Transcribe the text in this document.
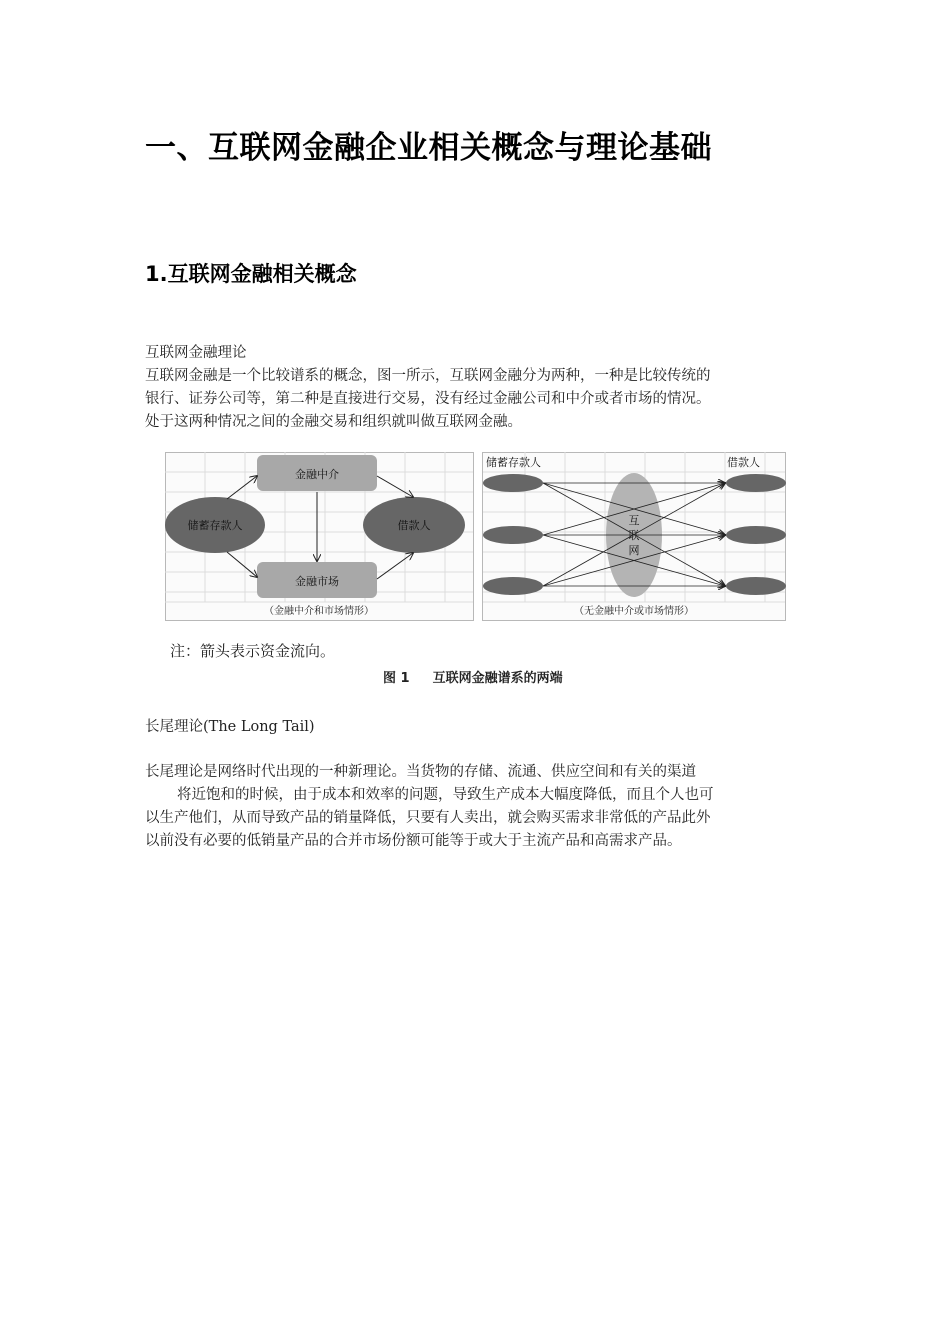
一、互联网金融企业相关概念与理论基础
1.互联网金融相关概念
互联网金融理论
互联网金融是一个比较谱系的概念，图一所示，互联网金融分为两种，一种是比较传统的
银行、证券公司等，第二种是直接进行交易，没有经过金融公司和中介或者市场的情况。
处于这两种情况之间的金融交易和组织就叫做互联网金融。
金融中介
金融市场
储蓄存款人	借款人
（金融中介和市场情形）
储蓄存款人	借款人
互
联
网
（无金融中介或市场情形）
注：箭头表示资金流向。
图 1 互联网金融谱系的两端
长尾理论(The Long Tail)
长尾理论是网络时代出现的一种新理论。当货物的存储、流通、供应空间和有关的渠道
将近饱和的时候，由于成本和效率的问题，导致生产成本大幅度降低，而且个人也可
以生产他们，从而导致产品的销量降低，只要有人卖出，就会购买需求非常低的产品此外
以前没有必要的低销量产品的合并市场份额可能等于或大于主流产品和高需求产品。
